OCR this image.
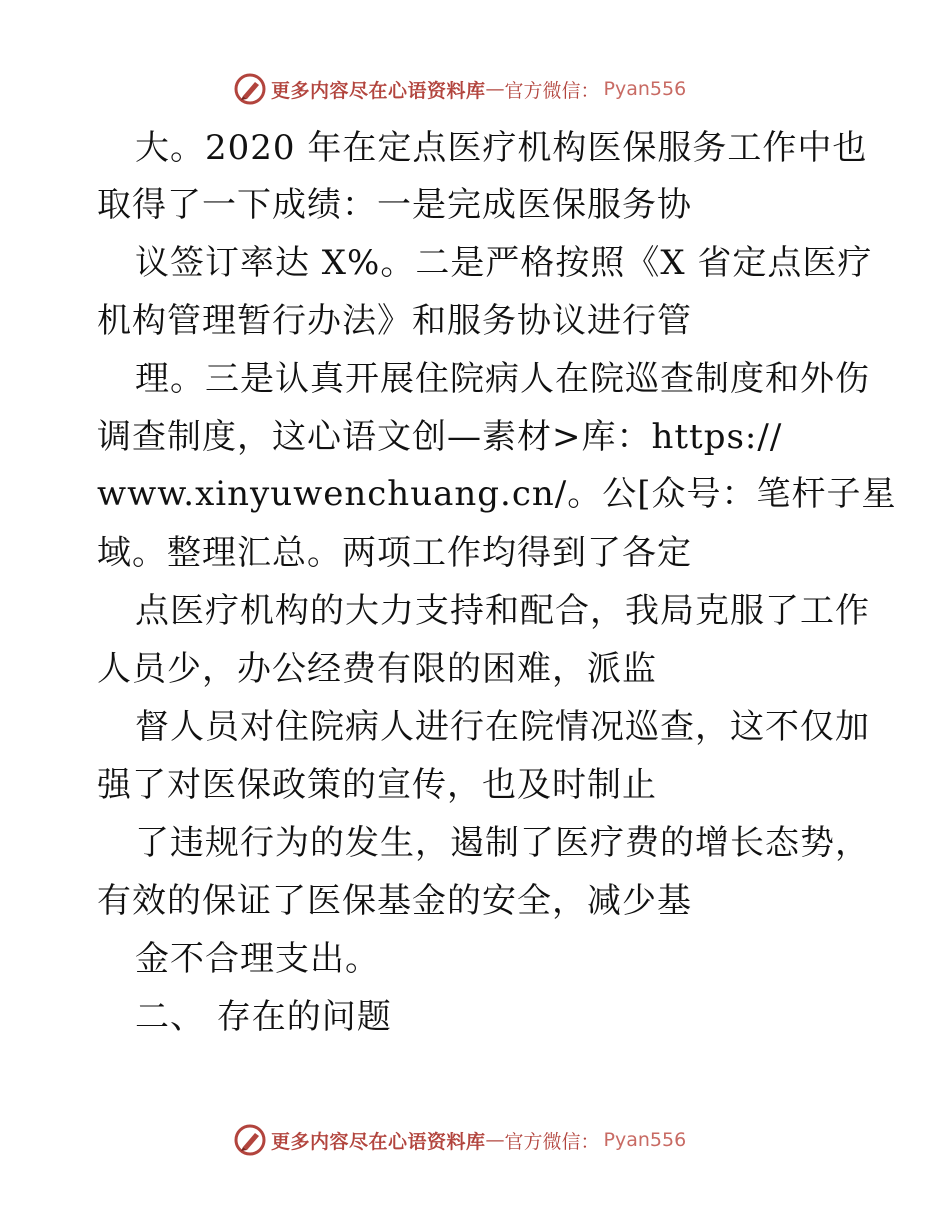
更多内容尽在心语资料库 — 官方微信： Pyan556
大。2020 年在定点医疗机构医保服务工作中也
取得了一下成绩：一是完成医保服务协
议签订率达 X%。二是严格按照《X 省定点医疗
机构管理暂行办法》和服务协议进行管
理。三是认真开展住院病人在院巡查制度和外伤
调查制度，这心语文创—素材>库：https://
www.xinyuwenchuang.cn/。公[众号：笔杆子星
域。整理汇总。两项工作均得到了各定
点医疗机构的大力支持和配合，我局克服了工作
人员少，办公经费有限的困难，派监
督人员对住院病人进行在院情况巡查，这不仅加
强了对医保政策的宣传，也及时制止
了违规行为的发生，遏制了医疗费的增长态势，
有效的保证了医保基金的安全，减少基
金不合理支出。
二、 存在的问题
更多内容尽在心语资料库 — 官方微信： Pyan556
